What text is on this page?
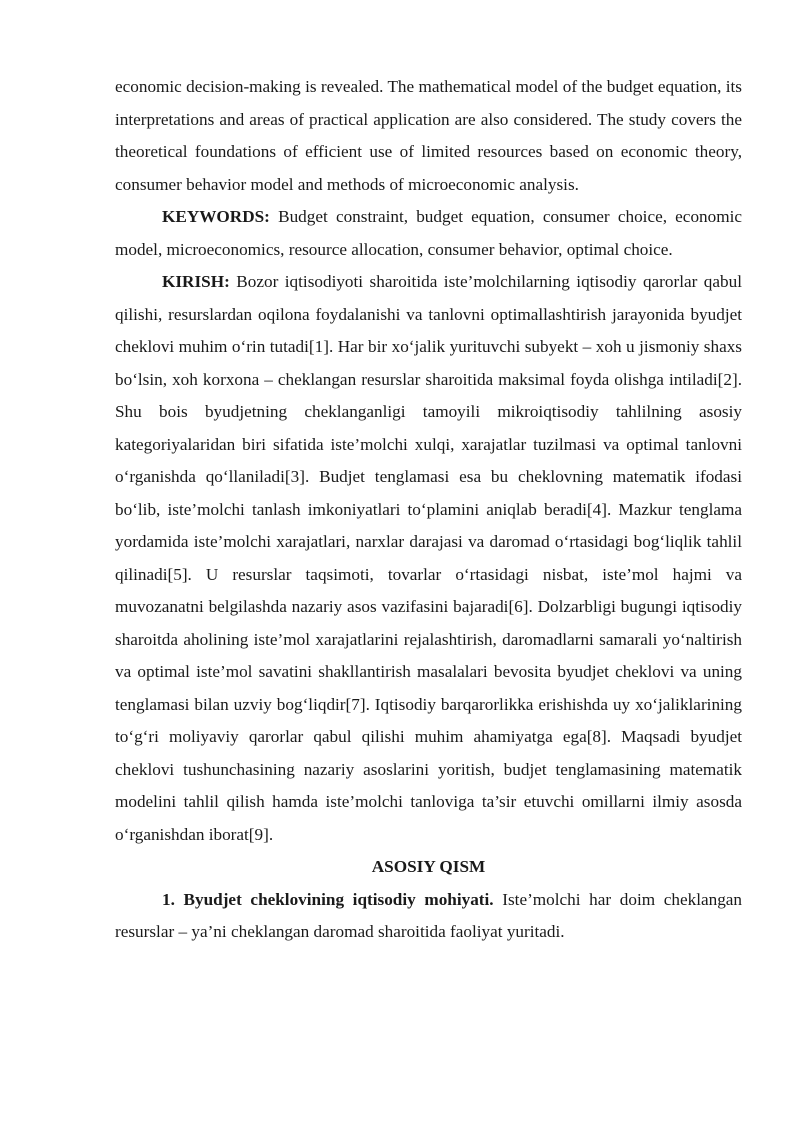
economic decision-making is revealed. The mathematical model of the budget equation, its interpretations and areas of practical application are also considered. The study covers the theoretical foundations of efficient use of limited resources based on economic theory, consumer behavior model and methods of microeconomic analysis.

KEYWORDS: Budget constraint, budget equation, consumer choice, economic model, microeconomics, resource allocation, consumer behavior, optimal choice.

KIRISH: Bozor iqtisodiyoti sharoitida iste’molchilarning iqtisodiy qarorlar qabul qilishi, resurslardan oqilona foydalanishi va tanlovni optimallashtirish jarayonida byudjet cheklovi muhim o‘rin tutadi[1]. Har bir xo‘jalik yurituvchi subyekt – xoh u jismoniy shaxs bo‘lsin, xoh korxona – cheklangan resurslar sharoitida maksimal foyda olishga intiladi[2]. Shu bois byudjetning cheklanganligi tamoyili mikroiqtisodiy tahlilning asosiy kategoriyalaridan biri sifatida iste’molchi xulqi, xarajatlar tuzilmasi va optimal tanlovni o‘rganishda qo‘llaniladi[3]. Budjet tenglamasi esa bu cheklovning matematik ifodasi bo‘lib, iste’molchi tanlash imkoniyatlari to‘plamini aniqlab beradi[4]. Mazkur tenglama yordamida iste’molchi xarajatlari, narxlar darajasi va daromad o‘rtasidagi bog‘liqlik tahlil qilinadi[5]. U resurslar taqsimoti, tovarlar o‘rtasidagi nisbat, iste’mol hajmi va muvozanatni belgilashda nazariy asos vazifasini bajaradi[6]. Dolzarbligi bugungi iqtisodiy sharoitda aholining iste’mol xarajatlarini rejalashtirish, daromadlarni samarali yo‘naltirish va optimal iste’mol savatini shakllantirish masalalari bevosita byudjet cheklovi va uning tenglamasi bilan uzviy bog‘liqdir[7]. Iqtisodiy barqarorlikka erishishda uy xo‘jaliklarining to‘g‘ri moliyaviy qarorlar qabul qilishi muhim ahamiyatga ega[8]. Maqsadi byudjet cheklovi tushunchasining nazariy asoslarini yoritish, budjet tenglamasining matematik modelini tahlil qilish hamda iste’molchi tanloviga ta’sir etuvchi omillarni ilmiy asosda o‘rganishdan iborat[9].

ASOSIY QISM

1. Byudjet cheklovining iqtisodiy mohiyati. Iste’molchi har doim cheklangan resurslar – ya’ni cheklangan daromad sharoitida faoliyat yuritadi.
